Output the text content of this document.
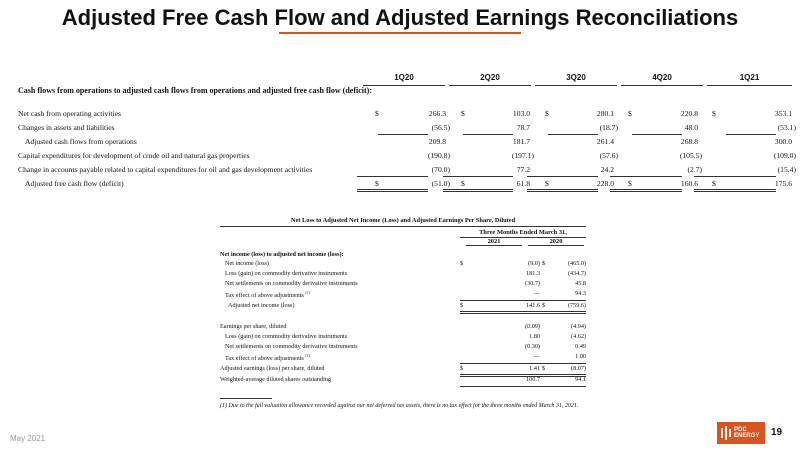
Adjusted Free Cash Flow and Adjusted Earnings Reconciliations
1Q20	2Q20	3Q20	4Q20	1Q21
Cash flows from operations to adjusted cash flows from operations and adjusted free cash flow (deficit):
Net cash from operating activities	$	266.3 $	103.0 $	280.1 $	220.8 $	353.1
Changes in assets and liabilities	(56.5)	78.7	(18.7)	48.0	(53.1)
Adjusted cash flows from operations	209.8	181.7	261.4	268.8	300.0
Capital expenditures for development of crude oil and natural gas properties	(190.8)	(197.1)	(57.6)	(105.5)	(109.0)
Change in accounts payable related to capital expenditures for oil and gas development activities	(70.0)	77.2	24.2	(2.7)	(15.4)
Adjusted free cash flow (deficit)	$	(51.0) $	61.8 $	228.0 $	160.6 $	175.6
Net Loss to Adjusted Net Income (Loss) and Adjusted Earnings Per Share, Diluted
Three Months Ended March 31,
2021	2020
Net income (loss) to adjusted net income (loss):
Net income (loss)	$	(9.0) $	(465.0)
Loss (gain) on commodity derivative instruments	181.3	(434.7)
Net settlements on commodity derivative instruments	(30.7)	45.8
Tax effect of above adjustments $^{(1)}$	—	94.3
Adjusted net income (loss)	$	141.6 $	(759.6)
Earnings per share, diluted	(0.09)	(4.94)
Loss (gain) on commodity derivative instruments	1.80	(4.62)
Net settlements on commodity derivative instruments	(0.30)	0.49
Tax effect of above adjustments $^{(1)}$	—	1.00
Adjusted earnings (loss) per share, diluted	$	1.41 $	(8.07)
Weighted-average diluted shares outstanding	100.7	94.1
(1) Due to the full valuation allowance recorded against our net deferred tax assets, there is no tax effect for the three months ended March 31, 2021.
May 2021
PDC
ENERGY 19
